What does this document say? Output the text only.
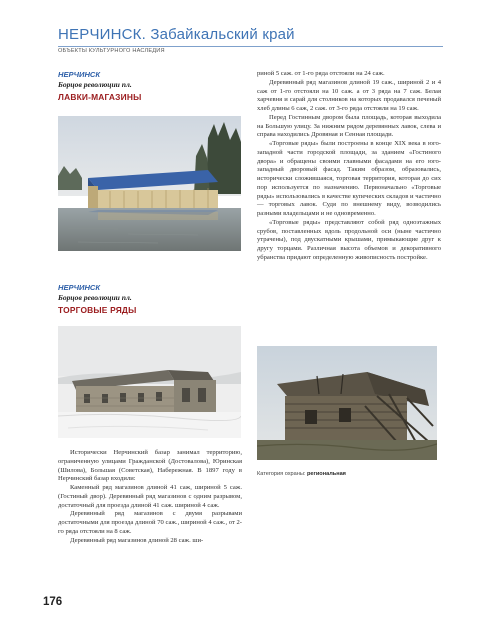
НЕРЧИНСК. Забайкальский край
ОБЪЕКТЫ КУЛЬТУРНОГО НАСЛЕДИЯ
НЕРЧИНСК
Борцов революции пл.
ЛАВКИ-МАГАЗИНЫ
НЕРЧИНСК
Борцов революции пл.
ТОРГОВЫЕ РЯДЫ

Исторически Нерчинский базар занимал территорию, ограниченную улицами Гражданской (Достовалова), Юринская (Шилова), Большая (Советская), Набережная. В 1897 году в Нерчинский базар входили:

Каменный ряд магазинов длиной 41 саж, шириной 5 саж. (Гостиный двор). Деревянный ряд магазинов с одним разрывом, достаточный для проезда длиной 41 саж. шириной 4 саж.

Деревянный ряд магазинов с двумя разрывами достаточными для проезда длиной 70 саж., шириной 4 саж., от 2-го ряда отстояли на 8 саж.

Деревянный ряд магазинов длиной 28 саж. ши-

риной 5 саж. от 1-го ряда отстояли на 24 саж.

Деревянный ряд магазинов длиной 19 саж., шириной 2 и 4 саж от 1-го отстояли на 10 саж. а от 3 ряда на 7 саж. Белая харчевня и сарай для столников на которых продавался печеный хлеб длины 6 саж, 2 саж. от 3-го ряда отстояли на 19 саж.

Перед Гостинным двором была площадь, которая выходила на Большую улицу. За нижним рядом деревянных лавок, слева и справа находились Дровяная и Сенная площади.

«Торговые ряды» были построены в конце XIX века в юго-западной части городской площади, за зданием «Гостиного двора» и обращены своими главными фасадами на его юго-западный дворовый фасад. Таким образом, образовались, исторически сложившаяся, торговая территория, которая до сих пор используется по назначению. Первоначально «Торговые ряды» использовались в качестве купеческих складов и частично — торговых лавок. Судя по внешнему виду, возводились разными владельцами и не одновременно.

«Торговые ряды» представляют собой ряд одноэтажных срубов, поставленных вдоль продольной оси (ныне частично утрачены), под двускатными крышами, примыкающие друг к другу торцами. Различная высота объемов и декоративного убранства придают определенную живописность постройке.

Категория охраны: региональная
176
